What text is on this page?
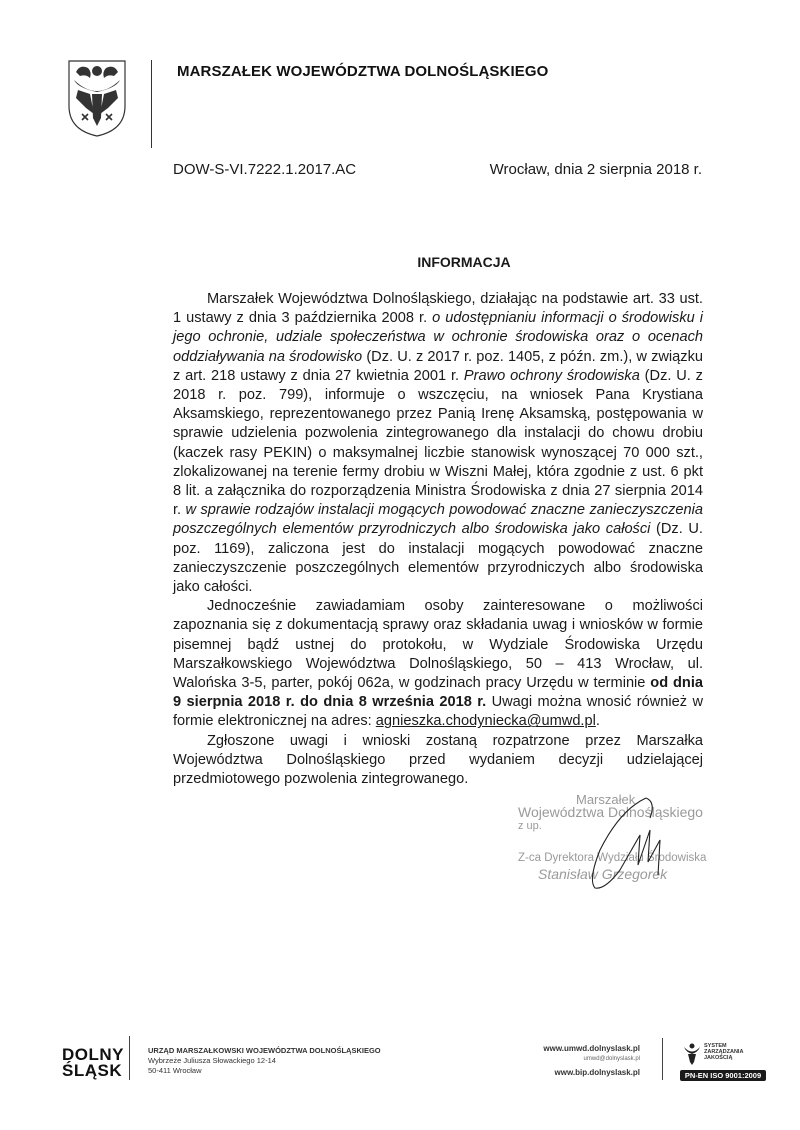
MARSZAŁEK WOJEWÓDZTWA DOLNOŚLĄSKIEGO
DOW-S-VI.7222.1.2017.AC	Wrocław, dnia 2 sierpnia 2018 r.
INFORMACJA

Marszałek Województwa Dolnośląskiego, działając na podstawie art. 33 ust. 1 ustawy z dnia 3 października 2008 r. o udostępnianiu informacji o środowisku i jego ochronie, udziale społeczeństwa w ochronie środowiska oraz o ocenach oddziaływania na środowisko (Dz. U. z 2017 r. poz. 1405, z późn. zm.), w związku z art. 218 ustawy z dnia 27 kwietnia 2001 r. Prawo ochrony środowiska (Dz. U. z 2018 r. poz. 799), informuje o wszczęciu, na wniosek Pana Krystiana Aksamskiego, reprezentowanego przez Panią Irenę Aksamską, postępowania w sprawie udzielenia pozwolenia zintegrowanego dla instalacji do chowu drobiu (kaczek rasy PEKIN) o maksymalnej liczbie stanowisk wynoszącej 70 000 szt., zlokalizowanej na terenie fermy drobiu w Wiszni Małej, która zgodnie z ust. 6 pkt 8 lit. a załącznika do rozporządzenia Ministra Środowiska z dnia 27 sierpnia 2014 r. w sprawie rodzajów instalacji mogących powodować znaczne zanieczyszczenia poszczególnych elementów przyrodniczych albo środowiska jako całości (Dz. U. poz. 1169), zaliczona jest do instalacji mogących powodować znaczne zanieczyszczenie poszczególnych elementów przyrodniczych albo środowiska jako całości.

Jednocześnie zawiadamiam osoby zainteresowane o możliwości zapoznania się z dokumentacją sprawy oraz składania uwag i wniosków w formie pisemnej bądź ustnej do protokołu, w Wydziale Środowiska Urzędu Marszałkowskiego Województwa Dolnośląskiego, 50 – 413 Wrocław, ul. Walońska 3-5, parter, pokój 062a, w godzinach pracy Urzędu w terminie od dnia 9 sierpnia 2018 r. do dnia 8 września 2018 r. Uwagi można wnosić również w formie elektronicznej na adres: agnieszka.chodyniecka@umwd.pl.

Zgłoszone uwagi i wnioski zostaną rozpatrzone przez Marszałka Województwa Dolnośląskiego przed wydaniem decyzji udzielającej przedmiotowego pozwolenia zintegrowanego.

Marszałek
Województwa Dolnośląskiego
z up.
Z-ca Dyrektora Wydziału Środowiska
Stanisław Grzegorek
DOLNY
ŚLĄSK
URZĄD MARSZAŁKOWSKI WOJEWÓDZTWA DOLNOŚLĄSKIEGO
Wybrzeże Juliusza Słowackiego 12-14
50-411 Wrocław
www.umwd.dolnyslask.pl
umwd@dolnyslask.pl
www.bip.dolnyslask.pl
SYSTEM
ZARZĄDZANIA
JAKOŚCIĄ
PN-EN ISO 9001:2009
